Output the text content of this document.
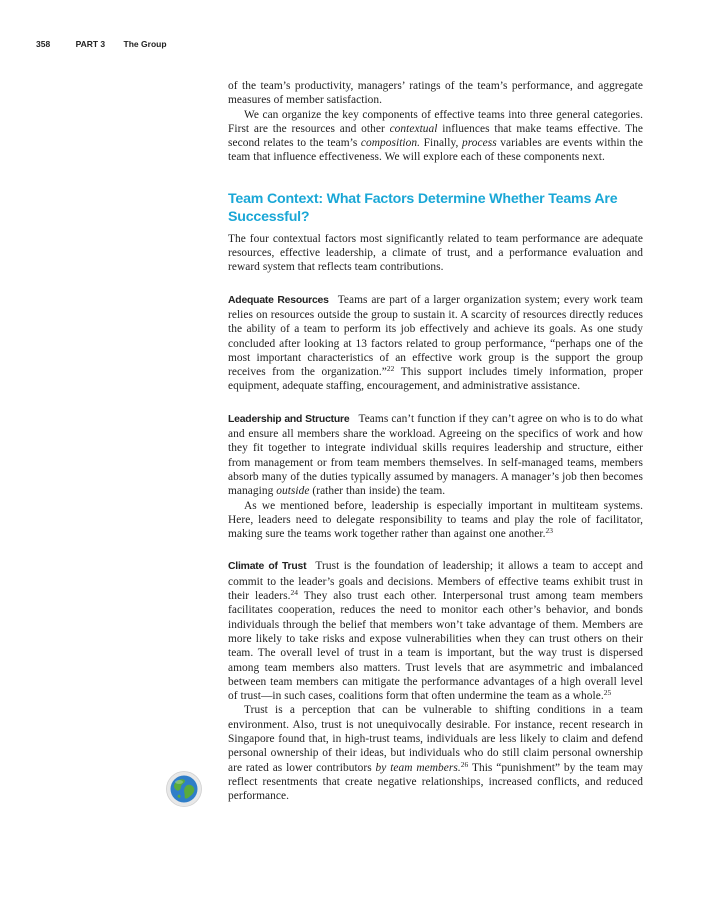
358	PART 3 The Group

of the team’s productivity, managers’ ratings of the team’s performance, and aggregate measures of member satisfaction.

We can organize the key components of effective teams into three general categories. First are the resources and other contextual influences that make teams effective. The second relates to the team’s composition. Finally, process variables are events within the team that influence effectiveness. We will explore each of these components next.

Team Context: What Factors Determine Whether Teams Are Successful?

The four contextual factors most significantly related to team performance are adequate resources, effective leadership, a climate of trust, and a performance evaluation and reward system that reflects team contributions.

Adequate Resources Teams are part of a larger organization system; every work team relies on resources outside the group to sustain it. A scarcity of resources directly reduces the ability of a team to perform its job effectively and achieve its goals. As one study concluded after looking at 13 factors related to group performance, “perhaps one of the most important characteristics of an effective work group is the support the group receives from the organization.”$^{22}$ This support includes timely information, proper equipment, adequate staffing, encouragement, and administrative assistance.

Leadership and Structure Teams can’t function if they can’t agree on who is to do what and ensure all members share the workload. Agreeing on the specifics of work and how they fit together to integrate individual skills requires leadership and structure, either from management or from team members themselves. In self-managed teams, members absorb many of the duties typically assumed by managers. A manager’s job then becomes managing outside (rather than inside) the team.

As we mentioned before, leadership is especially important in multiteam systems. Here, leaders need to delegate responsibility to teams and play the role of facilitator, making sure the teams work together rather than against one another.$^{23}$

Climate of Trust Trust is the foundation of leadership; it allows a team to accept and commit to the leader’s goals and decisions. Members of effective teams exhibit trust in their leaders.$^{24}$ They also trust each other. Interpersonal trust among team members facilitates cooperation, reduces the need to monitor each other’s behavior, and bonds individuals through the belief that members won’t take advantage of them. Members are more likely to take risks and expose vulnerabilities when they can trust others on their team. The overall level of trust in a team is important, but the way trust is dispersed among team members also matters. Trust levels that are asymmetric and imbalanced between team members can mitigate the performance advantages of a high overall level of trust—in such cases, coalitions form that often undermine the team as a whole.$^{25}$

Trust is a perception that can be vulnerable to shifting conditions in a team environment. Also, trust is not unequivocally desirable. For instance, recent research in Singapore found that, in high-trust teams, individuals are less likely to claim and defend personal ownership of their ideas, but individuals who do still claim personal ownership are rated as lower contributors by team members.$^{26}$ This “punishment” by the team may reflect resentments that create negative relationships, increased conflicts, and reduced performance.
